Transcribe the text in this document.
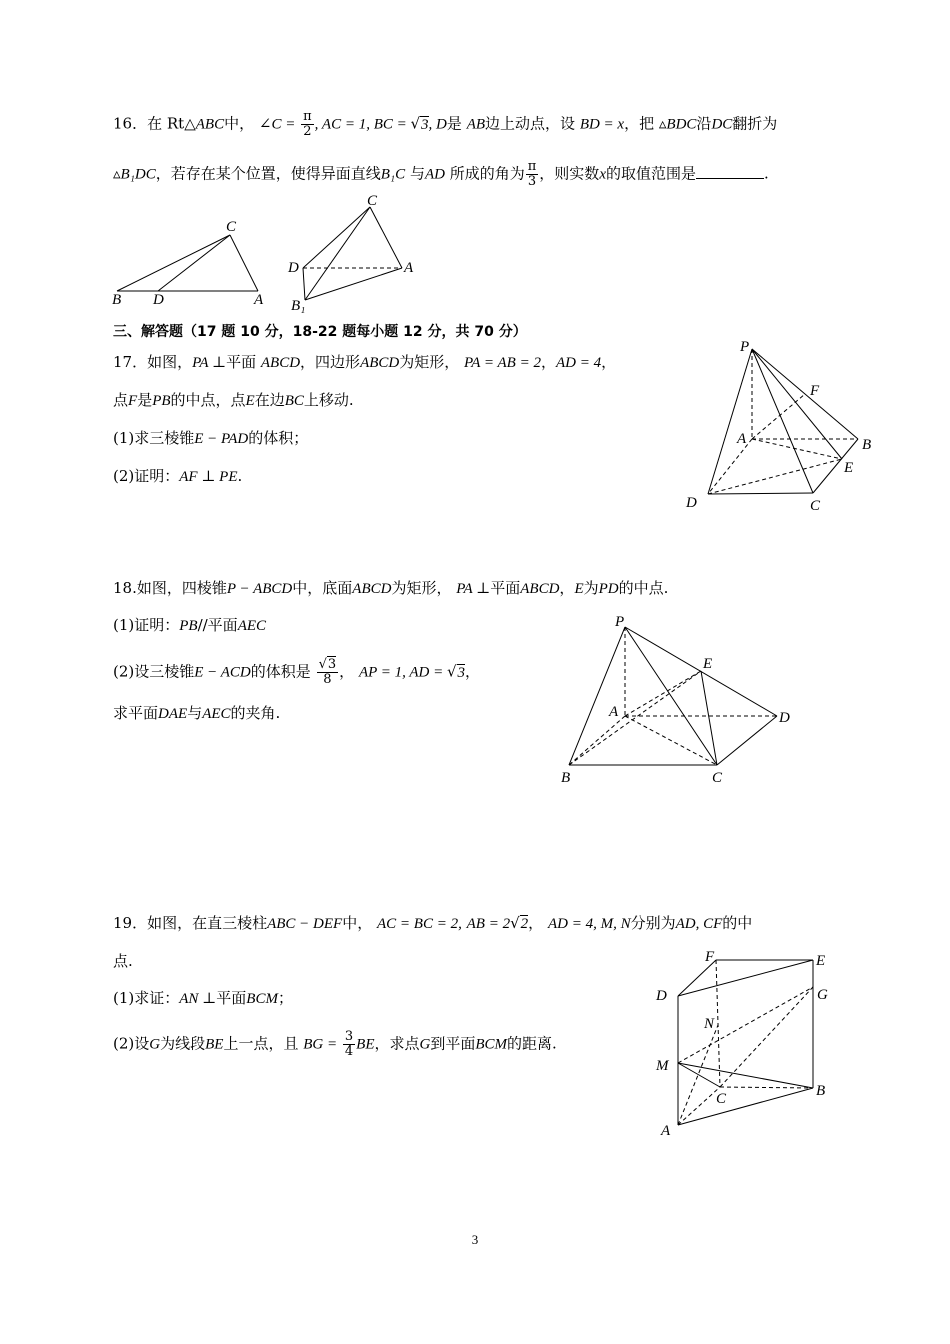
16．在 Rt△ABC中， ∠C = $\frac{\pi}{2}$ , AC = 1, BC = √3, D是 AB边上动点，设 BD = x，把 ▵BDC沿DC翻折为
▵B₁DC，若存在某个位置，使得异面直线B₁C 与AD 所成的角为 $\frac{\pi}{3}$ ，则实数x的取值范围是	.
C
B D	A
C
D	A
B₁
三、解答题（17 题 10 分，18-22 题每小题 12 分，共 70 分）
17．如图，PA ⊥平面 ABCD，四边形ABCD为矩形， PA = AB = 2，AD = 4，
点F是PB的中点，点E在边BC上移动.
(1)求三棱锥E − PAD的体积；
(2)证明：AF ⊥ PE.
P
F
A	B
E
D	C
18.如图，四棱锥P − ABCD中，底面ABCD为矩形， PA ⊥平面ABCD，E为PD的中点.
(1)证明：PB//平面AEC
(2)设三棱锥E − ACD的体积是 $\frac{√3}{8}$ ， AP = 1, AD = √3，
求平面DAE与AEC的夹角.
P
E
A	D
B	C
19．如图，在直三棱柱ABC − DEF中， AC = BC = 2, AB = 2√2， AD = 4, M, N分别为AD, CF的中
点.
(1)求证：AN ⊥平面BCM；
(2)设G为线段BE上一点，且 BG = $\frac{3}{4}$ BE，求点G到平面BCM的距离.
F	E
D	G
N
M
C	B
A
3
